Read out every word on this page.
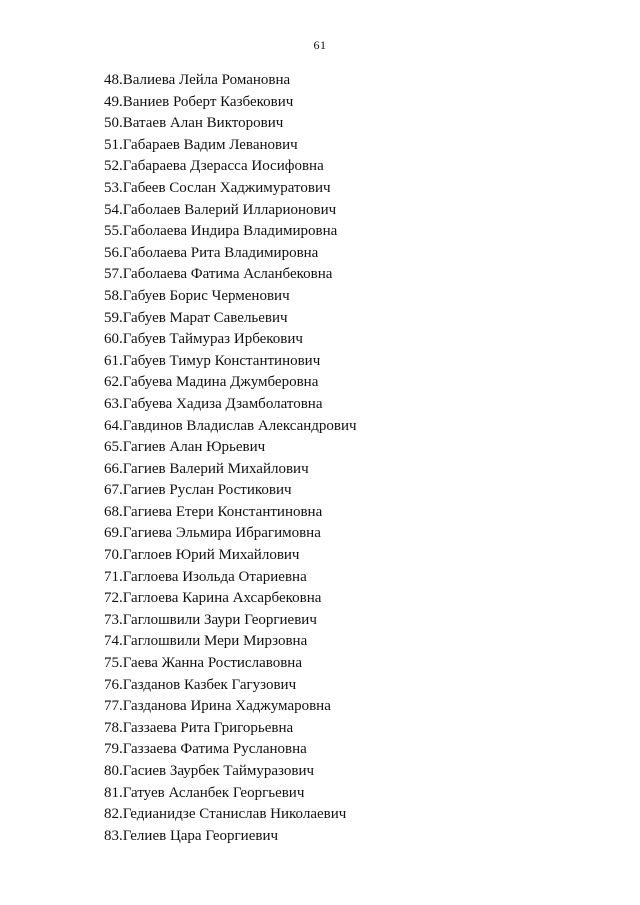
61
48.Валиева Лейла Романовна
49.Ваниев Роберт Казбекович
50.Ватаев Алан Викторович
51.Габараев Вадим Леванович
52.Габараева Дзерасса Иосифовна
53.Габеев Сослан Хаджимуратович
54.Габолаев Валерий Илларионович
55.Габолаева Индира Владимировна
56.Габолаева Рита Владимировна
57.Габолаева Фатима Асланбековна
58.Габуев Борис Черменович
59.Габуев Марат Савельевич
60.Габуев Таймураз Ирбекович
61.Габуев Тимур Константинович
62.Габуева Мадина Джумберовна
63.Габуева Хадиза Дзамболатовна
64.Гавдинов Владислав Александрович
65.Гагиев Алан Юрьевич
66.Гагиев Валерий Михайлович
67.Гагиев Руслан Ростикович
68.Гагиева Етери Константиновна
69.Гагиева Эльмира Ибрагимовна
70.Гаглоев Юрий Михайлович
71.Гаглоева Изольда Отариевна
72.Гаглоева Карина Ахсарбековна
73.Гаглошвили Заури Георгиевич
74.Гаглошвили Мери Мирзовна
75.Гаева Жанна Ростиславовна
76.Газданов Казбек Гагузович
77.Газданова Ирина Хаджумаровна
78.Газзаева Рита Григорьевна
79.Газзаева Фатима Руслановна
80.Гасиев Заурбек Таймуразович
81.Гатуев Асланбек Георгьевич
82.Гедианидзе Станислав Николаевич
83.Гелиев Цара Георгиевич
